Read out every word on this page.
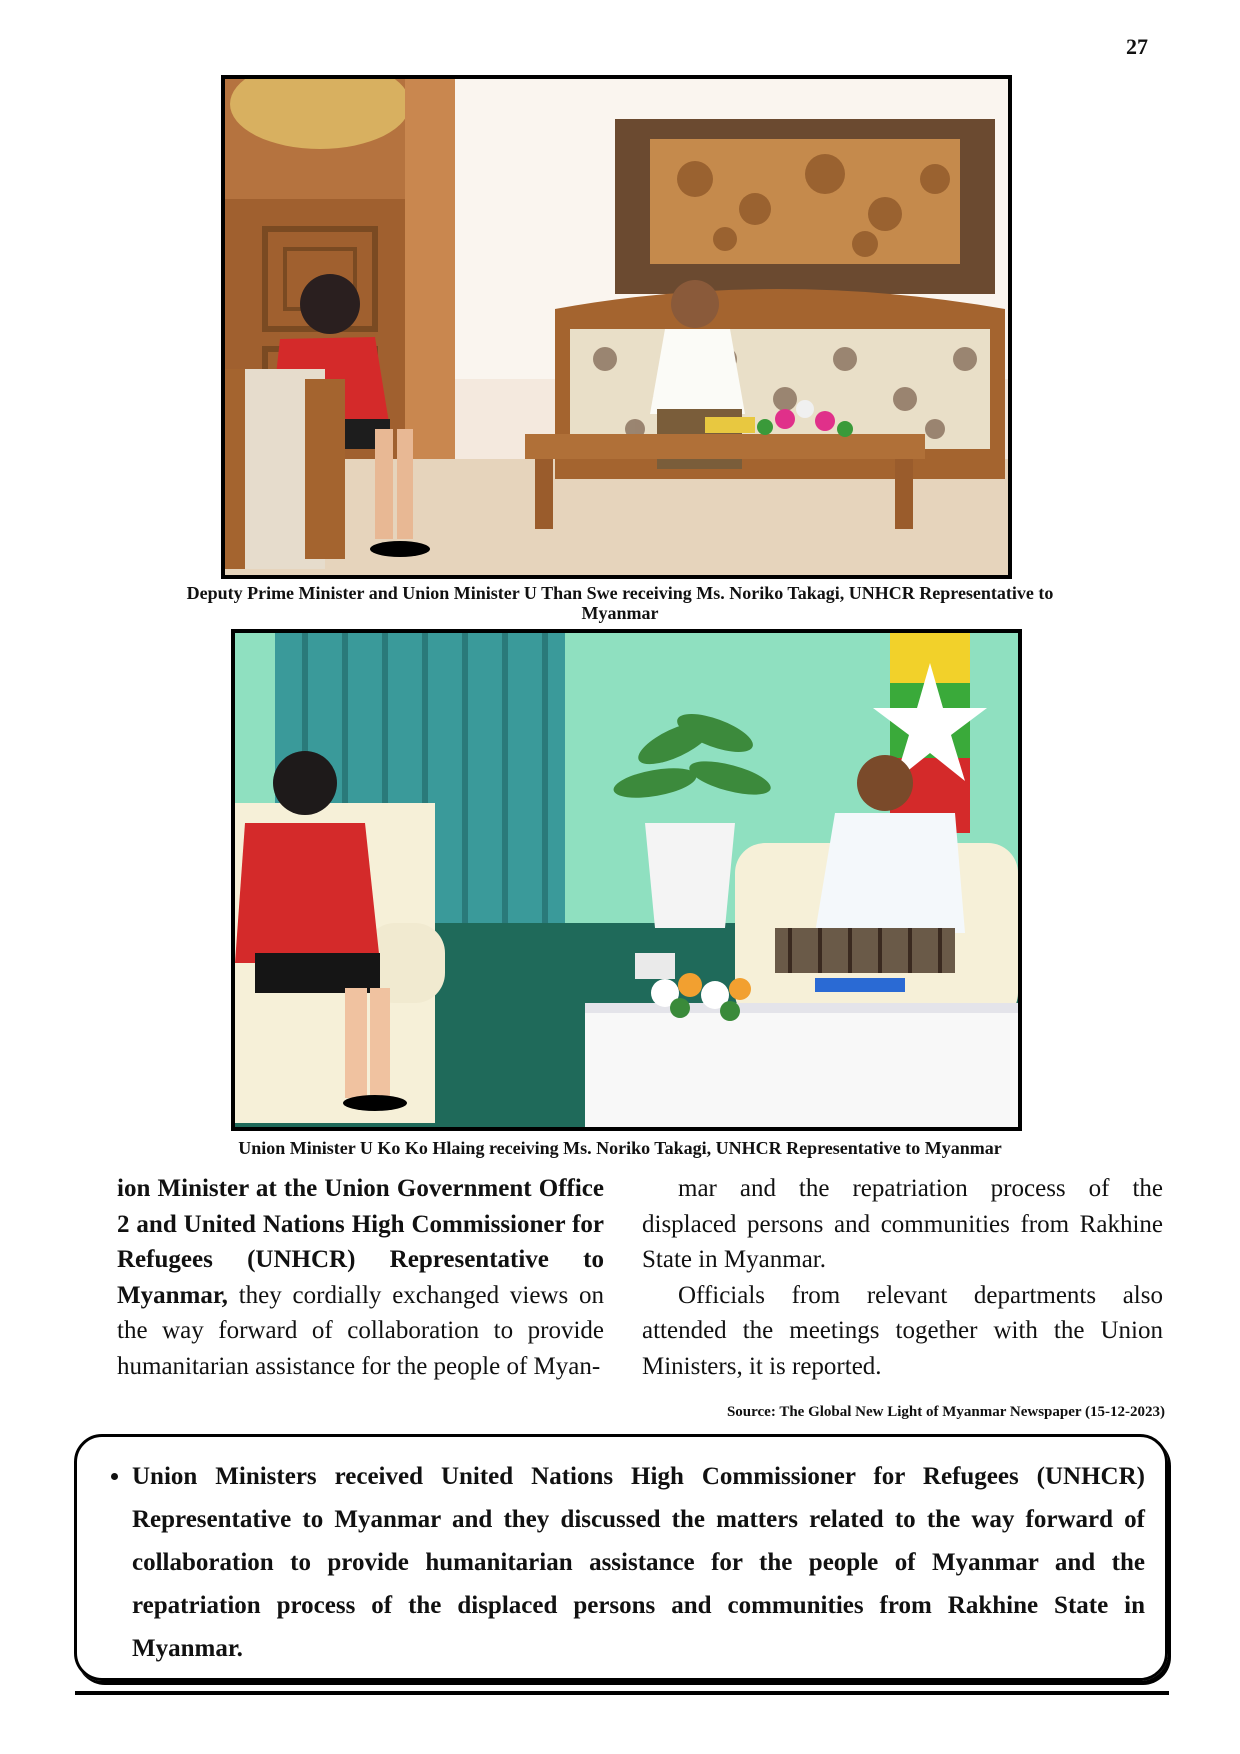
27
Deputy Prime Minister and Union Minister U Than Swe receiving Ms. Noriko Takagi, UNHCR Representative to Myanmar
Union Minister U Ko Ko Hlaing receiving Ms. Noriko Takagi, UNHCR Representative to Myanmar

ion Minister at the Union Government Office 2 and United Nations High Commissioner for Refugees (UNHCR) Representative to Myanmar, they cordially exchanged views on the way forward of collaboration to provide humanitarian assistance for the people of Myan-

mar and the repatriation process of the displaced persons and communities from Rakhine State in Myanmar.

Officials from relevant departments also attended the meetings together with the Union Ministers, it is reported.

Source: The Global New Light of Myanmar Newspaper (15-12-2023)
• Union Ministers received United Nations High Commissioner for Refugees (UNHCR) Representative to Myanmar and they discussed the matters related to the way forward of collaboration to provide humanitarian assistance for the people of Myanmar and the repatriation process of the displaced persons and communities from Rakhine State in Myanmar.
